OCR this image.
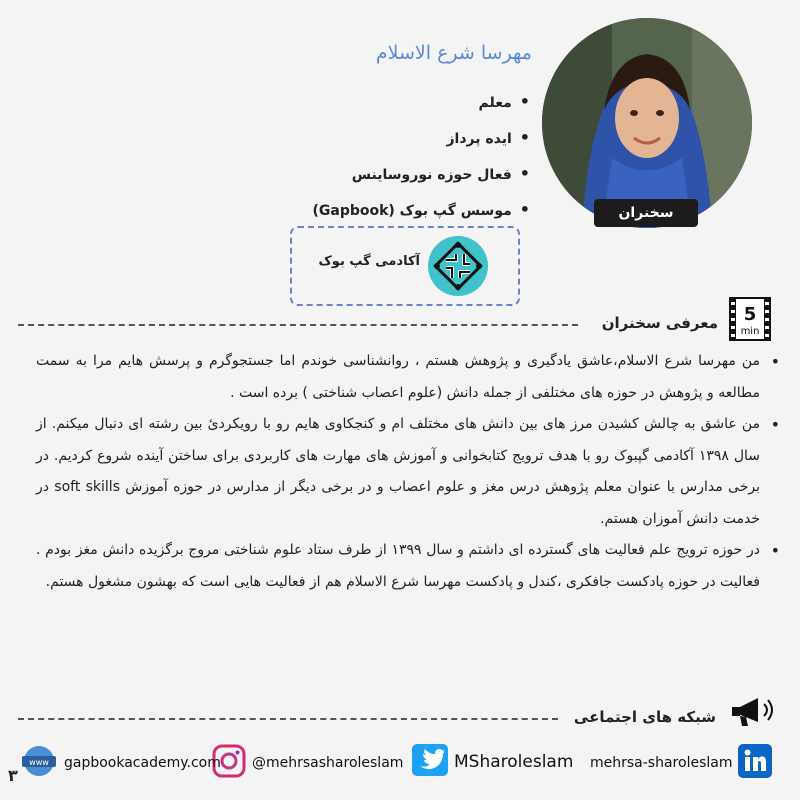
سخنران
مهرسا شرع الاسلام
• معلم
• ایده پرداز
• فعال حوزه نوروساینس
• موسس گپ بوک (Gapbook)
آکادمی گپ بوک
5
min
معرفی سخنران
• من مهرسا شرع الاسلام،عاشق یادگیری و پژوهش هستم ، روانشناسی خوندم اما جستجوگرم و پرسش هایم مرا به سمت مطالعه و پژوهش در حوزه های مختلفی از جمله دانش (علوم اعصاب شناختی ) برده است .
• من عاشق به چالش کشیدن مرز های بین دانش های مختلف ام و کنجکاوی هایم رو با رویکردیٔ بین رشته ای دنبال میکنم. از سال ۱۳۹۸ آکادمی گپبوک رو با هدف ترویج کتابخوانی و آموزش های مهارت های کاربردی برای ساختن آینده شروع کردیم. در برخی مدارس با عنوان معلم پژوهش درس مغز و علوم اعصاب و در برخی دیگر از مدارس در حوزه آموزش soft skills در خدمت دانش آموزان هستم.
• در حوزه ترویج علم فعالیت های گسترده ای داشتم و سال ۱۳۹۹ از طرف ستاد علوم شناختی مروج برگزیده دانش مغز بودم . فعالیت در حوزه پادکست جافکری ،کندل و پادکست مهرسا شرع الاسلام هم از فعالیت هایی است که بهشون مشغول هستم.
شبکه های اجتماعی
mehrsa-sharoleslam
MSharoleslam
@mehrsasharoleslam
www gapbookacademy.com
۳
